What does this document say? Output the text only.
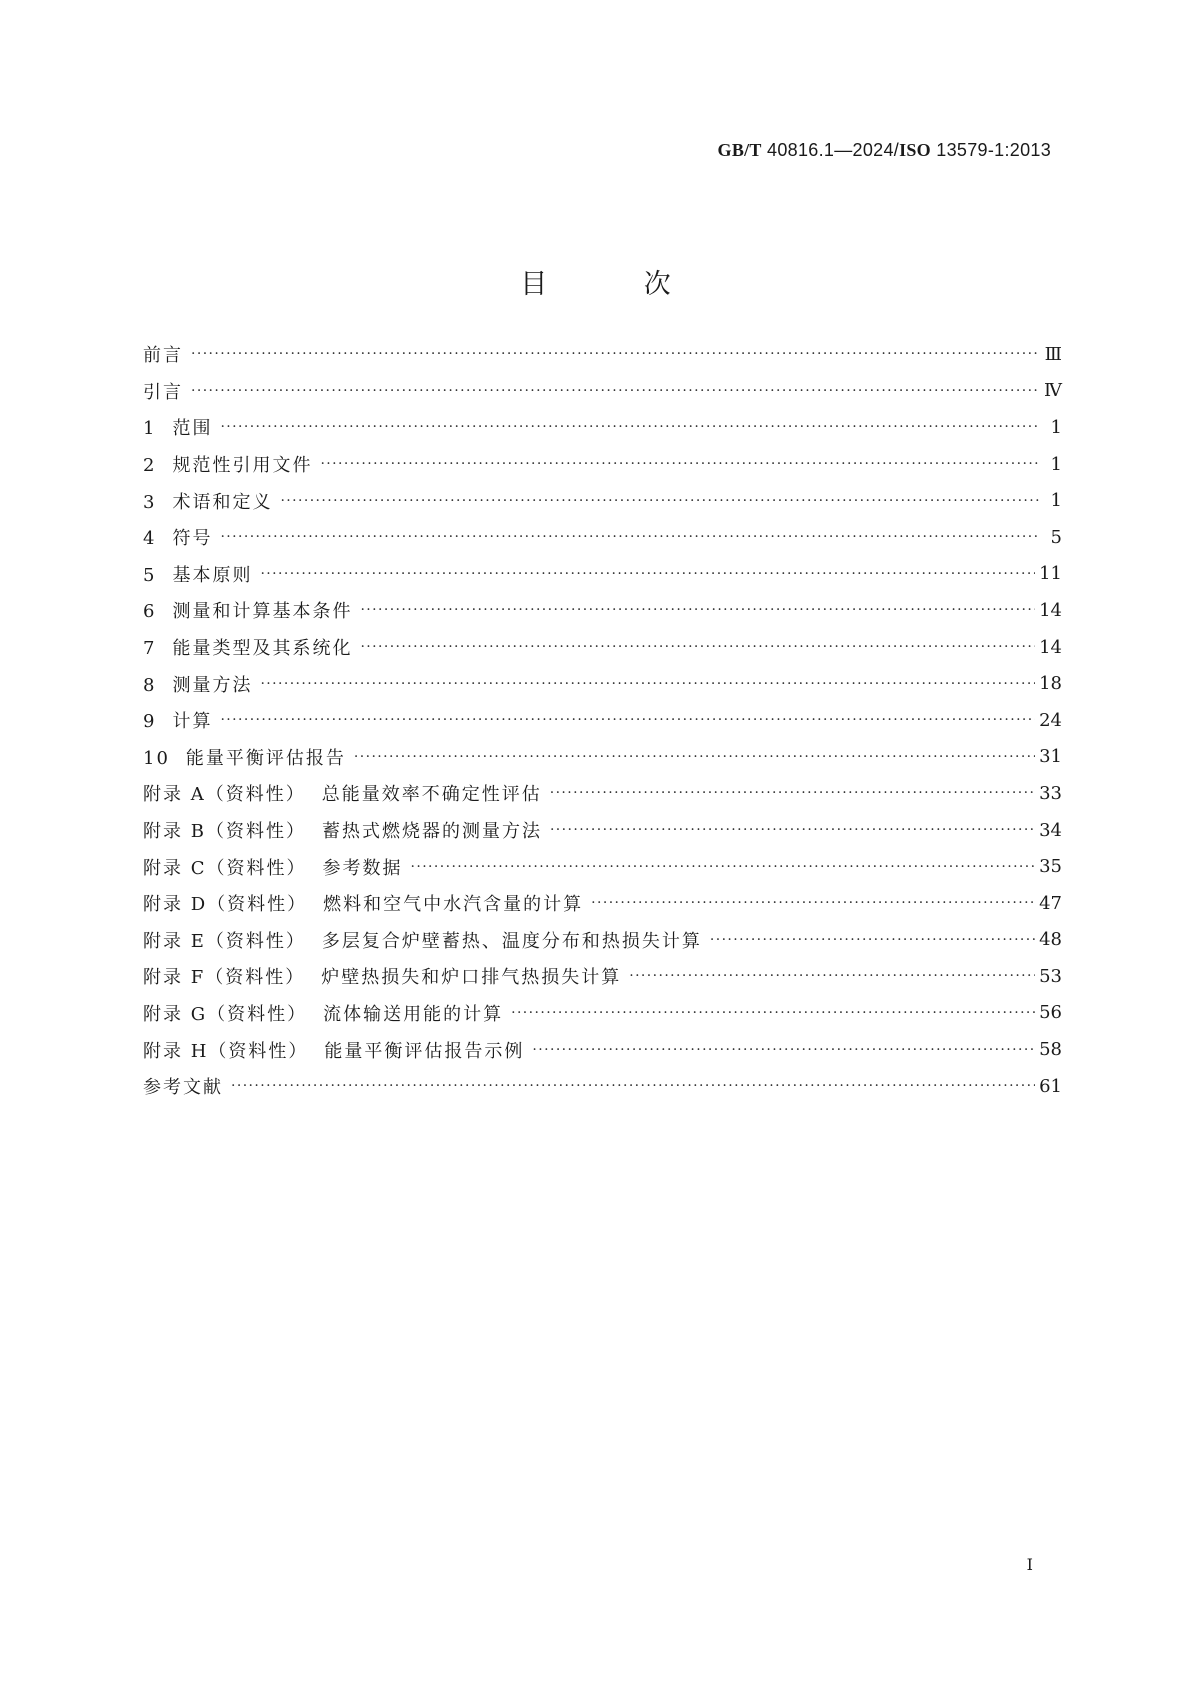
GB/T 40816.1—2024/ISO 13579-1:2013
目 次
前言 ·····	Ⅲ
引言 ·····	Ⅳ
1 范围 ·····	1
2 规范性引用文件 ·····	1
3 术语和定义 ·····	1
4 符号 ·····	5
5 基本原则 ·····	11
6 测量和计算基本条件 ·····	14
7 能量类型及其系统化 ·····	14
8 测量方法 ·····	18
9 计算 ·····	24
10 能量平衡评估报告 ·····	31
附录 A（资料性） 总能量效率不确定性评估 ·····	33
附录 B（资料性） 蓄热式燃烧器的测量方法 ·····	34
附录 C（资料性） 参考数据 ·····	35
附录 D（资料性） 燃料和空气中水汽含量的计算 ·····	47
附录 E（资料性） 多层复合炉壁蓄热、温度分布和热损失计算 ·····	48
附录 F（资料性） 炉壁热损失和炉口排气热损失计算 ·····	53
附录 G（资料性） 流体输送用能的计算 ·····	56
附录 H（资料性） 能量平衡评估报告示例 ·····	58
参考文献 ·····	61
Ⅰ
